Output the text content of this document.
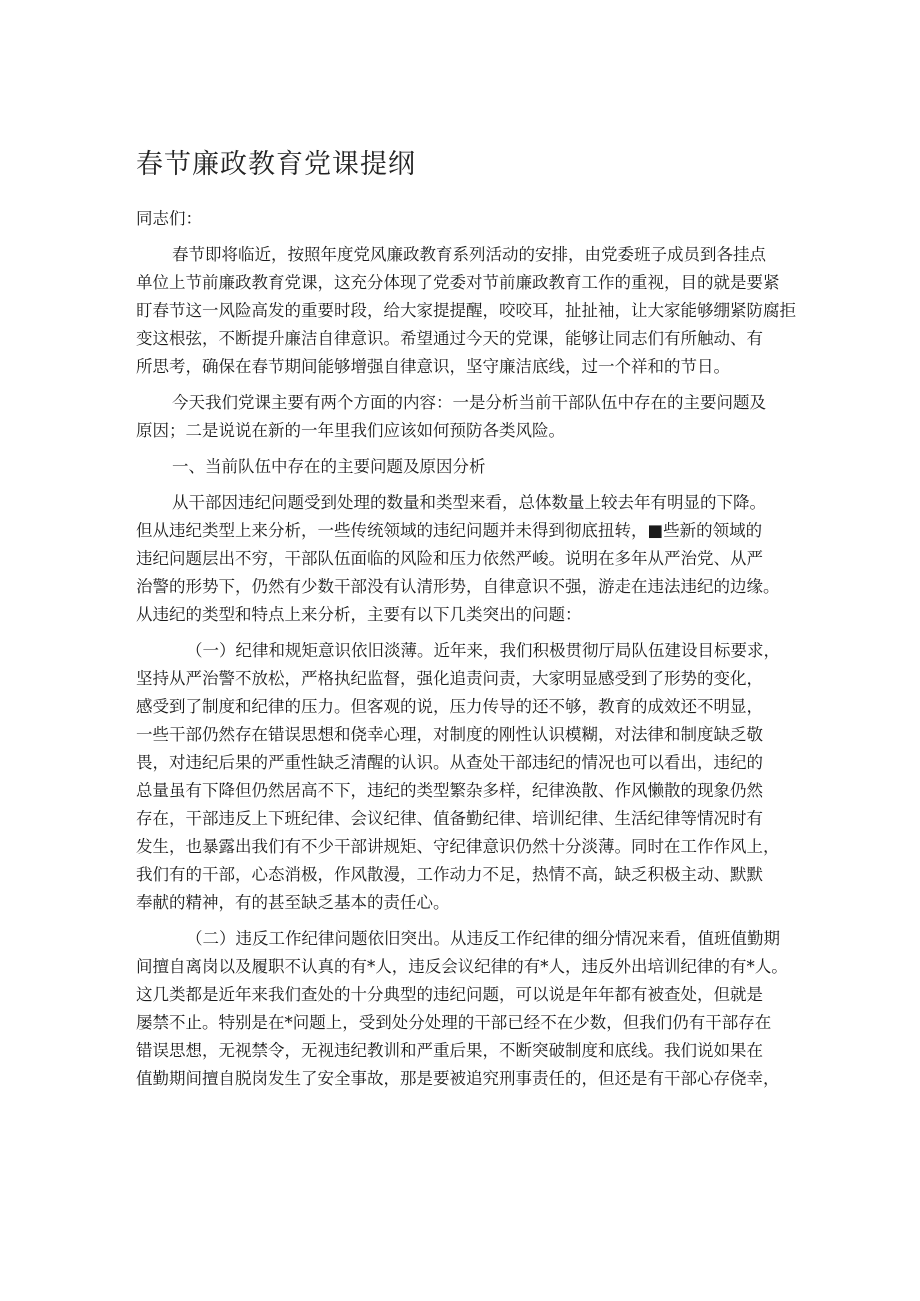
春节廉政教育党课提纲
同志们：
春节即将临近，按照年度党风廉政教育系列活动的安排，由党委班子成员到各挂点
单位上节前廉政教育党课，这充分体现了党委对节前廉政教育工作的重视，目的就是要紧
盯春节这一风险高发的重要时段，给大家提提醒，咬咬耳，扯扯袖，让大家能够绷紧防腐拒
变这根弦，不断提升廉洁自律意识。希望通过今天的党课，能够让同志们有所触动、有
所思考，确保在春节期间能够增强自律意识，坚守廉洁底线，过一个祥和的节日。
今天我们党课主要有两个方面的内容：一是分析当前干部队伍中存在的主要问题及
原因；二是说说在新的一年里我们应该如何预防各类风险。
一、当前队伍中存在的主要问题及原因分析
从干部因违纪问题受到处理的数量和类型来看，总体数量上较去年有明显的下降。
但从违纪类型上来分析，一些传统领域的违纪问题并未得到彻底扭转，■些新的领域的
违纪问题层出不穷，干部队伍面临的风险和压力依然严峻。说明在多年从严治党、从严
治警的形势下，仍然有少数干部没有认清形势，自律意识不强，游走在违法违纪的边缘。
从违纪的类型和特点上来分析，主要有以下几类突出的问题：
（一）纪律和规矩意识依旧淡薄。近年来，我们积极贯彻厅局队伍建设目标要求，
坚持从严治警不放松，严格执纪监督，强化追责问责，大家明显感受到了形势的变化，
感受到了制度和纪律的压力。但客观的说，压力传导的还不够，教育的成效还不明显，
一些干部仍然存在错误思想和侥幸心理，对制度的刚性认识模糊，对法律和制度缺乏敬
畏，对违纪后果的严重性缺乏清醒的认识。从查处干部违纪的情况也可以看出，违纪的
总量虽有下降但仍然居高不下，违纪的类型繁杂多样，纪律涣散、作风懒散的现象仍然
存在，干部违反上下班纪律、会议纪律、值备勤纪律、培训纪律、生活纪律等情况时有
发生，也暴露出我们有不少干部讲规矩、守纪律意识仍然十分淡薄。同时在工作作风上，
我们有的干部，心态消极，作风散漫，工作动力不足，热情不高，缺乏积极主动、默默
奉献的精神，有的甚至缺乏基本的责任心。
（二）违反工作纪律问题依旧突出。从违反工作纪律的细分情况来看，值班值勤期
间擅自离岗以及履职不认真的有*人，违反会议纪律的有*人，违反外出培训纪律的有*人。
这几类都是近年来我们查处的十分典型的违纪问题，可以说是年年都有被查处，但就是
屡禁不止。特别是在*问题上，受到处分处理的干部已经不在少数，但我们仍有干部存在
错误思想，无视禁令，无视违纪教训和严重后果，不断突破制度和底线。我们说如果在
值勤期间擅自脱岗发生了安全事故，那是要被追究刑事责任的，但还是有干部心存侥幸，
